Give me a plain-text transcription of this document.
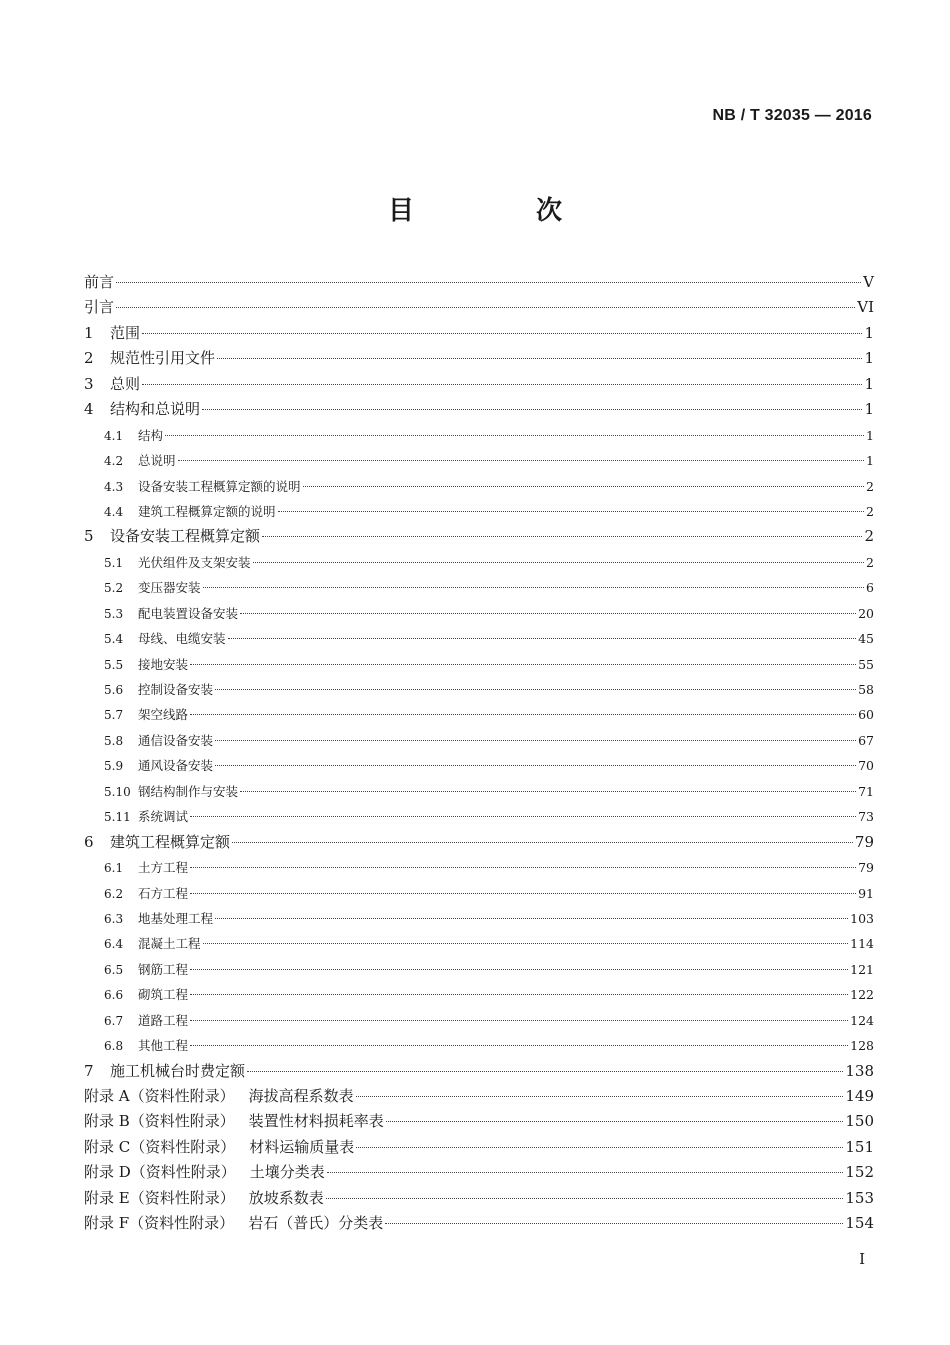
NB / T 32035 — 2016
目　次
前言	V
引言	VI
1	范围	1
2	规范性引用文件	1
3	总则	1
4	结构和总说明	1
4.1	结构	1
4.2	总说明	1
4.3	设备安装工程概算定额的说明	2
4.4	建筑工程概算定额的说明	2
5	设备安装工程概算定额	2
5.1	光伏组件及支架安装	2
5.2	变压器安装	6
5.3	配电装置设备安装	20
5.4	母线、电缆安装	45
5.5	接地安装	55
5.6	控制设备安装	58
5.7	架空线路	60
5.8	通信设备安装	67
5.9	通风设备安装	70
5.10 钢结构制作与安装	71
5.11 系统调试	73
6	建筑工程概算定额	79
6.1	土方工程	79
6.2	石方工程	91
6.3	地基处理工程	103
6.4	混凝土工程	114
6.5	钢筋工程	121
6.6	砌筑工程	122
6.7	道路工程	124
6.8	其他工程	128
7	施工机械台时费定额	138
附录 A（资料性附录） 海拔高程系数表	149
附录 B（资料性附录） 装置性材料损耗率表	150
附录 C（资料性附录） 材料运输质量表	151
附录 D（资料性附录） 土壤分类表	152
附录 E（资料性附录） 放坡系数表	153
附录 F（资料性附录） 岩石（普氏）分类表	154
I
